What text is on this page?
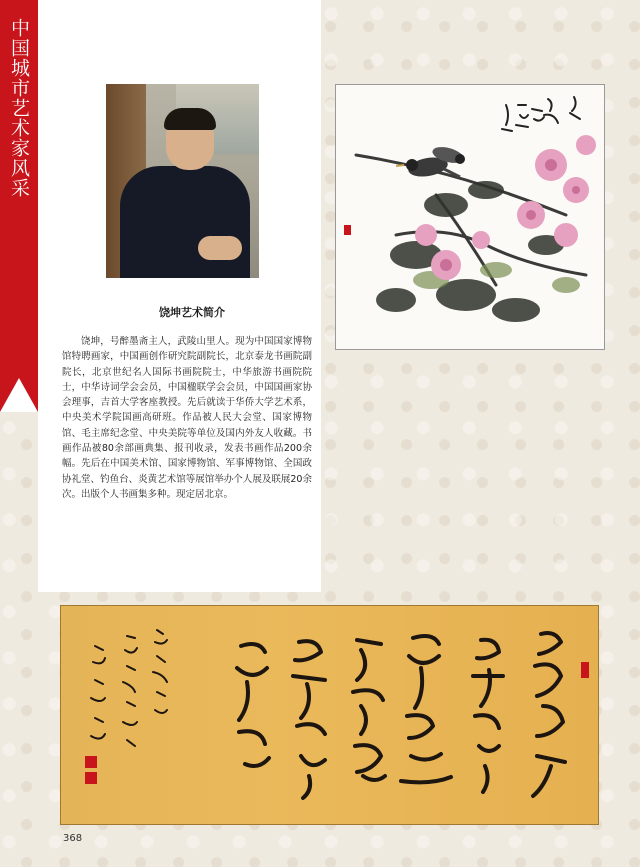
中国城市艺术家风采
饶坤艺术简介
饶坤，号醉墨斋主人，武陵山里人。现为中国国家博物馆特聘画家，中国画创作研究院副院长，北京泰龙书画院副院长，北京世纪名人国际书画院院士，中华旅游书画院院士，中华诗词学会会员，中国楹联学会会员，中国国画家协会理事，吉首大学客座教授。先后就读于华侨大学艺术系，中央美术学院国画高研班。作品被人民大会堂、国家博物馆、毛主席纪念堂、中央美院等单位及国内外友人收藏。书画作品被80余部画典集、报刊收录，发表书画作品200余幅。先后在中国美术馆、国家博物馆、军事博物馆、全国政协礼堂、钓鱼台、炎黄艺术馆等展馆举办个人展及联展20余次。出版个人书画集多种。现定居北京。
368
